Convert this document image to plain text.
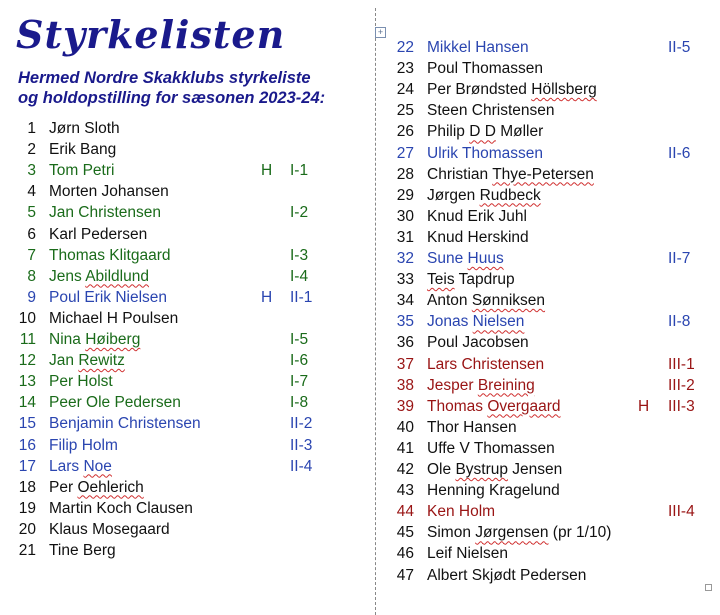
Styrkelisten
Hermed Nordre Skakklubs styrkeliste
og holdopstilling for sæsonen 2023-24:
+
1 Jørn Sloth
2 Erik Bang
3 Tom Petri	H I-1
4 Morten Johansen
5 Jan Christensen	I-2
6 Karl Pedersen
7 Thomas Klitgaard	I-3
8 Jens Abildlund	I-4
9 Poul Erik Nielsen	H II-1
10 Michael H Poulsen
11 Nina Høiberg	I-5
12 Jan Rewitz	I-6
13 Per Holst	I-7
14 Peer Ole Pedersen	I-8
15 Benjamin Christensen	II-2
16 Filip Holm	II-3
17 Lars Noe	II-4
18 Per Oehlerich
19 Martin Koch Clausen
20 Klaus Mosegaard
21 Tine Berg
22 Mikkel Hansen	II-5
23 Poul Thomassen
24 Per Brøndsted Höllsberg
25 Steen Christensen
26 Philip D D Møller
27 Ulrik Thomassen	II-6
28 Christian Thye-Petersen
29 Jørgen Rudbeck
30 Knud Erik Juhl
31 Knud Herskind
32 Sune Huus	II-7
33 Teis Tapdrup
34 Anton Sønniksen
35 Jonas Nielsen	II-8
36 Poul Jacobsen
37 Lars Christensen	III-1
38 Jesper Breining	III-2
39 Thomas Overgaard	H III-3
40 Thor Hansen
41 Uffe V Thomassen
42 Ole Bystrup Jensen
43 Henning Kragelund
44 Ken Holm	III-4
45 Simon Jørgensen (pr 1/10)
46 Leif Nielsen
47 Albert Skjødt Pedersen
